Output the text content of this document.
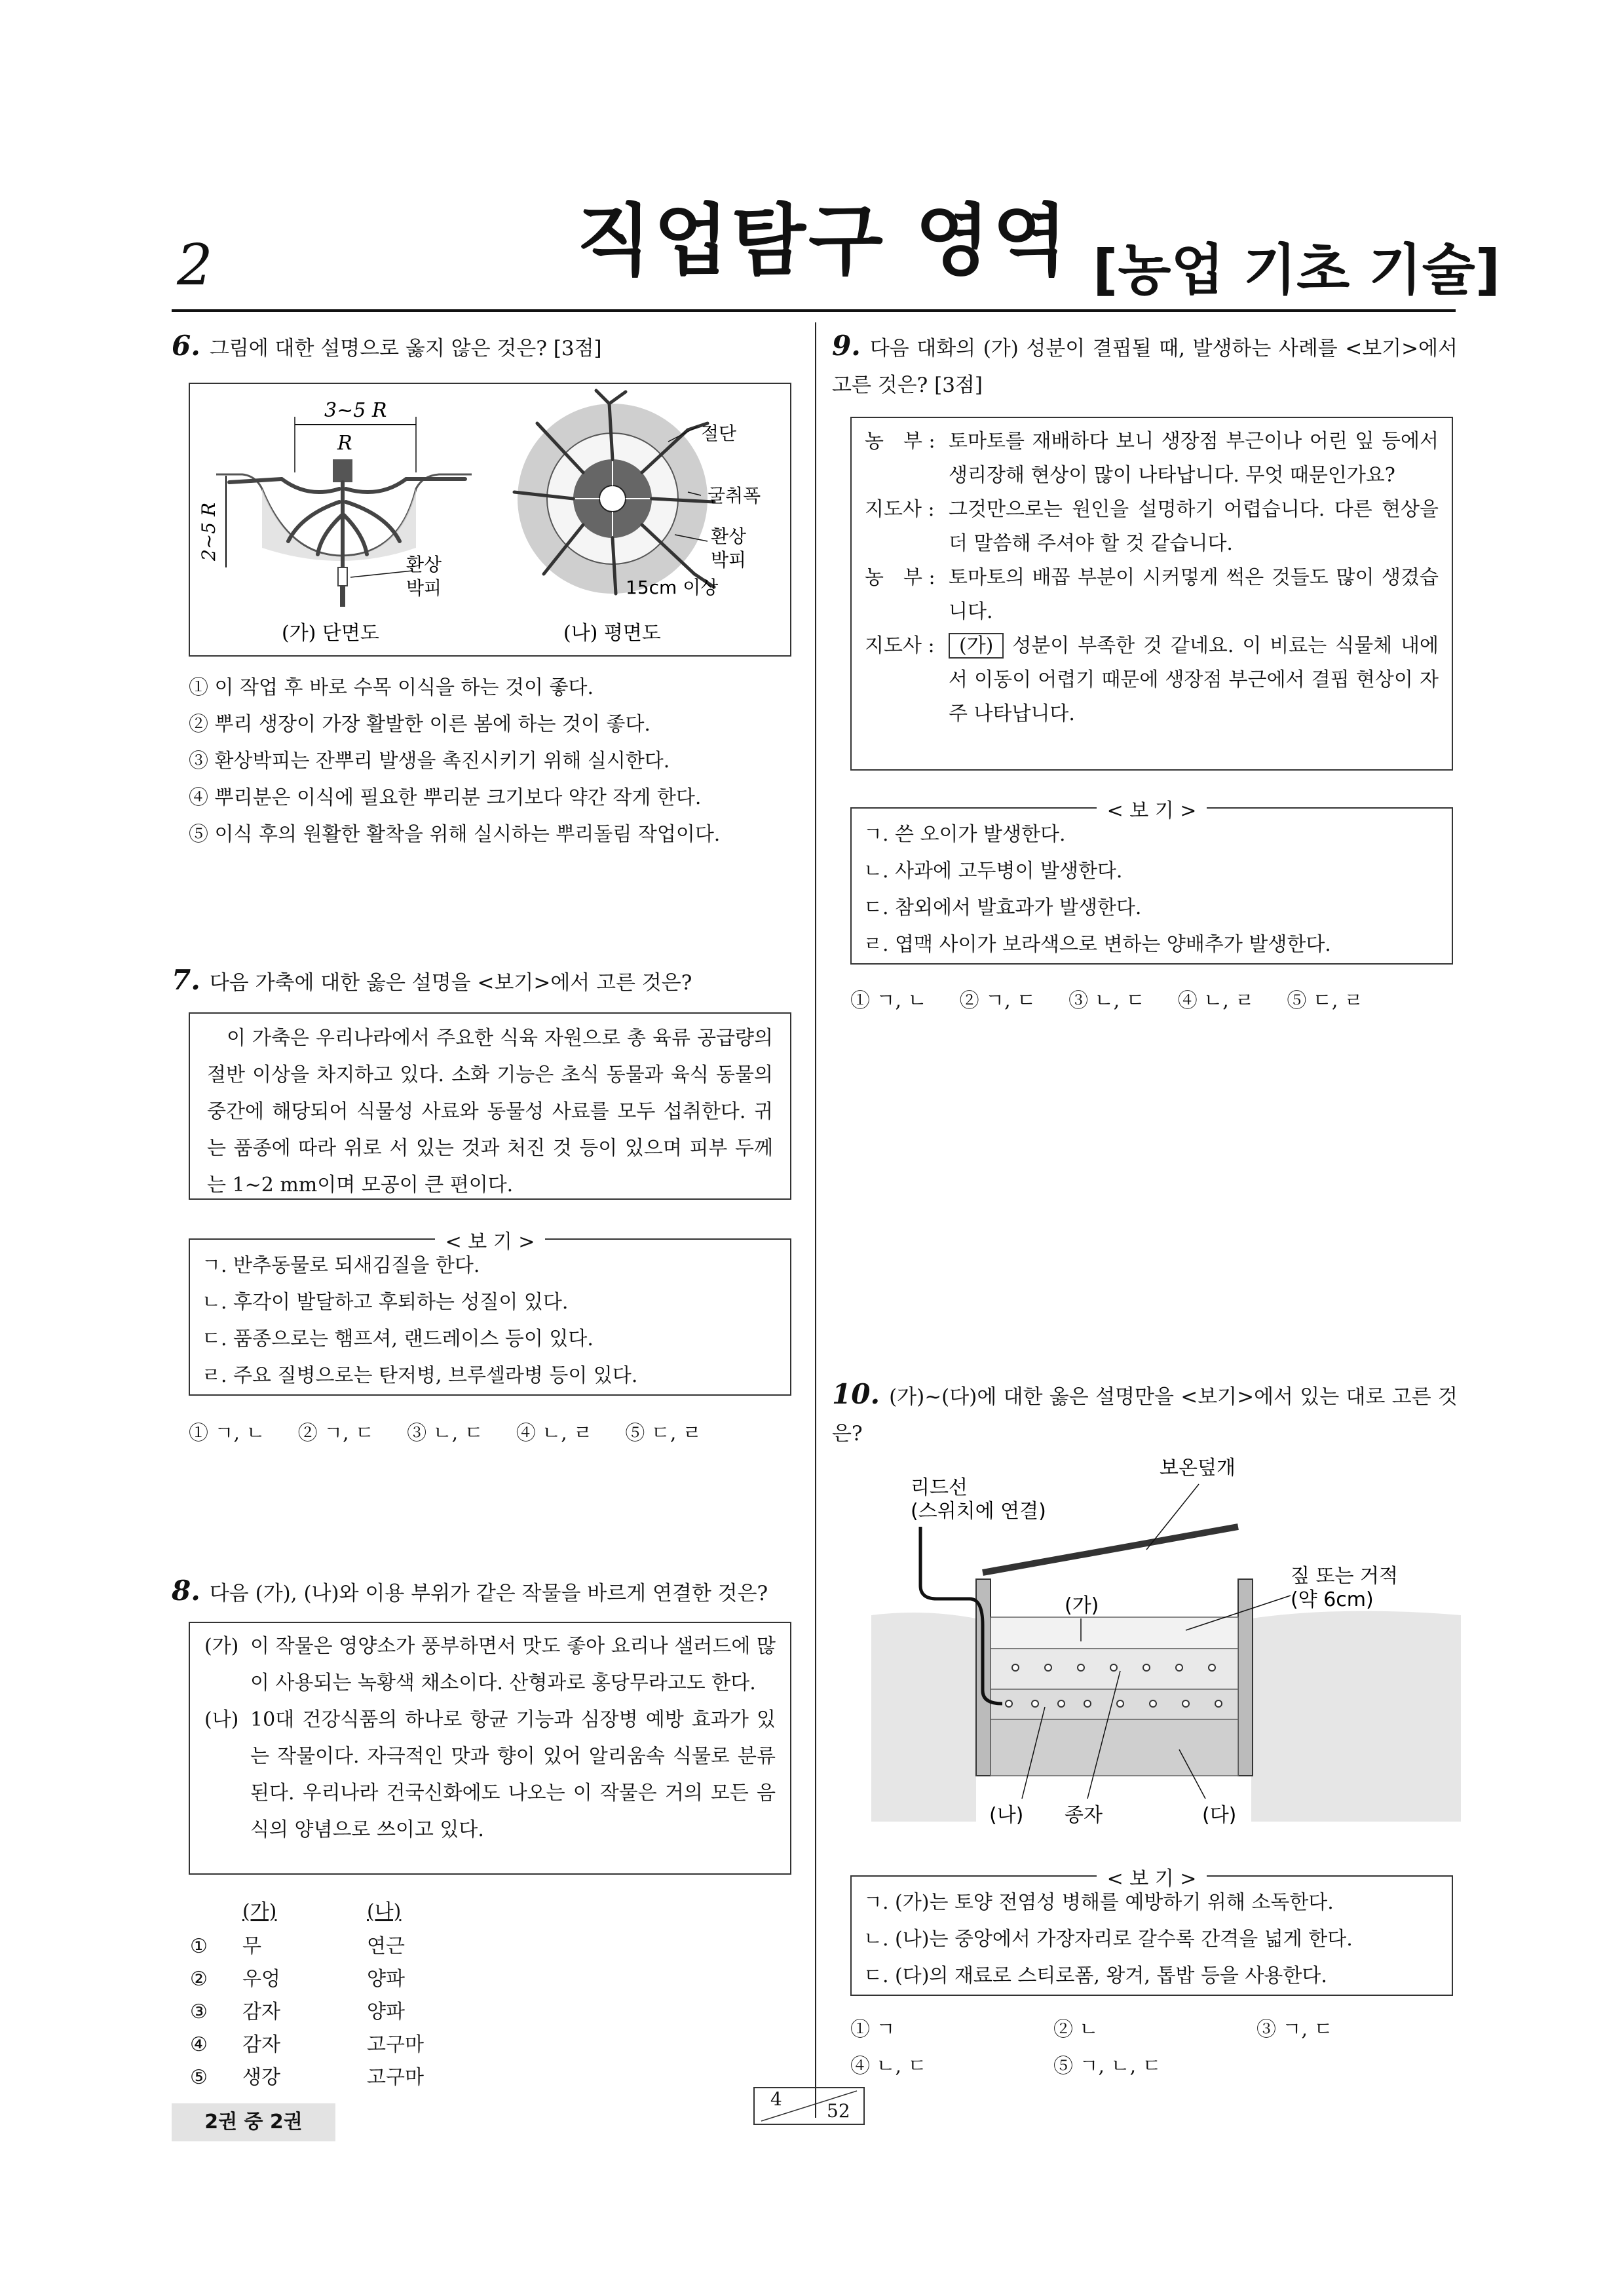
2	직업탐구 영역 [농업 기초 기술]
6. 그림에 대한 설명으로 옳지 않은 것은? [3점]
3~5 R
R
2~5 R
환상 박피
절단
굴취폭
환상 박피
15cm 이상
(가) 단면도	(나) 평면도
① 이 작업 후 바로 수목 이식을 하는 것이 좋다.
② 뿌리 생장이 가장 활발한 이른 봄에 하는 것이 좋다.
③ 환상박피는 잔뿌리 발생을 촉진시키기 위해 실시한다.
④ 뿌리분은 이식에 필요한 뿌리분 크기보다 약간 작게 한다.
⑤ 이식 후의 원활한 활착을 위해 실시하는 뿌리돌림 작업이다.
7. 다음 가축에 대한 옳은 설명을 <보기>에서 고른 것은?
이 가축은 우리나라에서 주요한 식육 자원으로 총 육류 공급량의 절반 이상을 차지하고 있다. 소화 기능은 초식 동물과 육식 동물의 중간에 해당되어 식물성 사료와 동물성 사료를 모두 섭취한다. 귀는 품종에 따라 위로 서 있는 것과 처진 것 등이 있으며 피부 두께는 1~2 mm이며 모공이 큰 편이다.
< 보 기 >
ㄱ. 반추동물로 되새김질을 한다.
ㄴ. 후각이 발달하고 후퇴하는 성질이 있다.
ㄷ. 품종으로는 햄프셔, 랜드레이스 등이 있다.
ㄹ. 주요 질병으로는 탄저병, 브루셀라병 등이 있다.
① ㄱ, ㄴ ② ㄱ, ㄷ ③ ㄴ, ㄷ ④ ㄴ, ㄹ ⑤ ㄷ, ㄹ
8. 다음 (가), (나)와 이용 부위가 같은 작물을 바르게 연결한 것은?
(가) 이 작물은 영양소가 풍부하면서 맛도 좋아 요리나 샐러드에 많이 사용되는 녹황색 채소이다. 산형과로 홍당무라고도 한다.
(나) 10대 건강식품의 하나로 항균 기능과 심장병 예방 효과가 있는 작물이다. 자극적인 맛과 향이 있어 알리움속 식물로 분류된다. 우리나라 건국신화에도 나오는 이 작물은 거의 모든 음식의 양념으로 쓰이고 있다.
(가)	(나)
①	무	연근
②	우엉	양파
③	감자	양파
④	감자	고구마
⑤	생강	고구마
9. 다음 대화의 (가) 성분이 결핍될 때, 발생하는 사례를 <보기>에서 고른 것은? [3점]
농　부 : 토마토를 재배하다 보니 생장점 부근이나 어린 잎 등에서 생리장해 현상이 많이 나타납니다. 무엇 때문인가요?
지도사 : 그것만으로는 원인을 설명하기 어렵습니다. 다른 현상을 더 말씀해 주셔야 할 것 같습니다.
농　부 : 토마토의 배꼽 부분이 시커멓게 썩은 것들도 많이 생겼습니다.
지도사 :	(가) 성분이 부족한 것 같네요. 이 비료는 식물체 내에서 이동이 어렵기 때문에 생장점 부근에서 결핍 현상이 자주 나타납니다.
< 보 기 >
ㄱ. 쓴 오이가 발생한다.
ㄴ. 사과에 고두병이 발생한다.
ㄷ. 참외에서 발효과가 발생한다.
ㄹ. 엽맥 사이가 보라색으로 변하는 양배추가 발생한다.
① ㄱ, ㄴ ② ㄱ, ㄷ ③ ㄴ, ㄷ ④ ㄴ, ㄹ ⑤ ㄷ, ㄹ
10. (가)~(다)에 대한 옳은 설명만을 <보기>에서 있는 대로 고른 것은?
리드선 (스위치에 연결)
보온덮개
짚 또는 거적 (약 6cm)
(가)
(나) 종자	(다)
< 보 기 >
ㄱ. (가)는 토양 전염성 병해를 예방하기 위해 소독한다.
ㄴ. (나)는 중앙에서 가장자리로 갈수록 간격을 넓게 한다.
ㄷ. (다)의 재료로 스티로폼, 왕겨, 톱밥 등을 사용한다.
① ㄱ	② ㄴ	③ ㄱ, ㄷ
④ ㄴ, ㄷ	⑤ ㄱ, ㄴ, ㄷ
2권 중 2권
4
52
